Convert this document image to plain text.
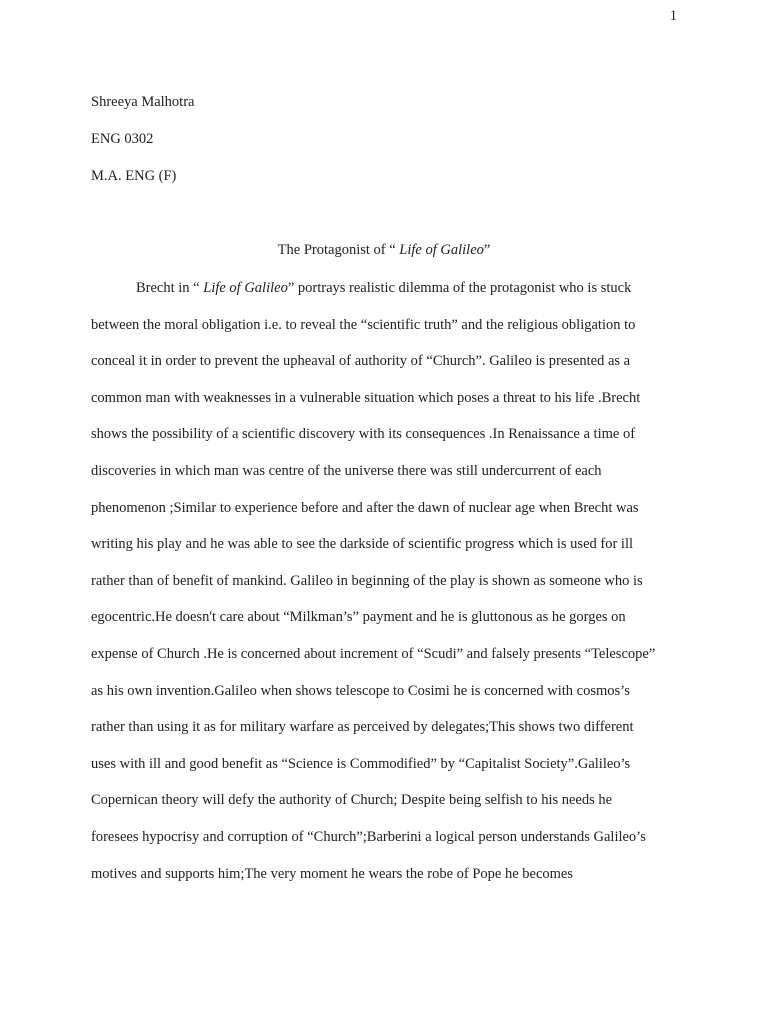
1
Shreeya Malhotra
ENG 0302
M.A. ENG (F)
The Protagonist of “ Life of Galileo”
Brecht in “ Life of Galileo” portrays realistic dilemma of the protagonist who is stuck
between the moral obligation i.e. to reveal the “scientific truth” and the religious obligation to
conceal it in order to prevent the upheaval of authority of “Church”. Galileo is presented as a
common man with weaknesses in a vulnerable situation which poses a threat to his life .Brecht
shows the possibility of a scientific discovery with its consequences .In Renaissance a time of
discoveries in which man was centre of the universe there was still undercurrent of each
phenomenon ;Similar to experience before and after the dawn of nuclear age when Brecht was
writing his play and he was able to see the darkside of scientific progress which is used for ill
rather than of benefit of mankind. Galileo in beginning of the play is shown as someone who is
egocentric.He doesn't care about “Milkman’s” payment and he is gluttonous as he gorges on
expense of Church .He is concerned about increment of “Scudi” and falsely presents “Telescope”
as his own invention.Galileo when shows telescope to Cosimi he is concerned with cosmos’s
rather than using it as for military warfare as perceived by delegates;This shows two different
uses with ill and good benefit as “Science is Commodified” by “Capitalist Society”.Galileo’s
Copernican theory will defy the authority of Church; Despite being selfish to his needs he
foresees hypocrisy and corruption of “Church”;Barberini a logical person understands Galileo’s
motives and supports him;The very moment he wears the robe of Pope he becomes
